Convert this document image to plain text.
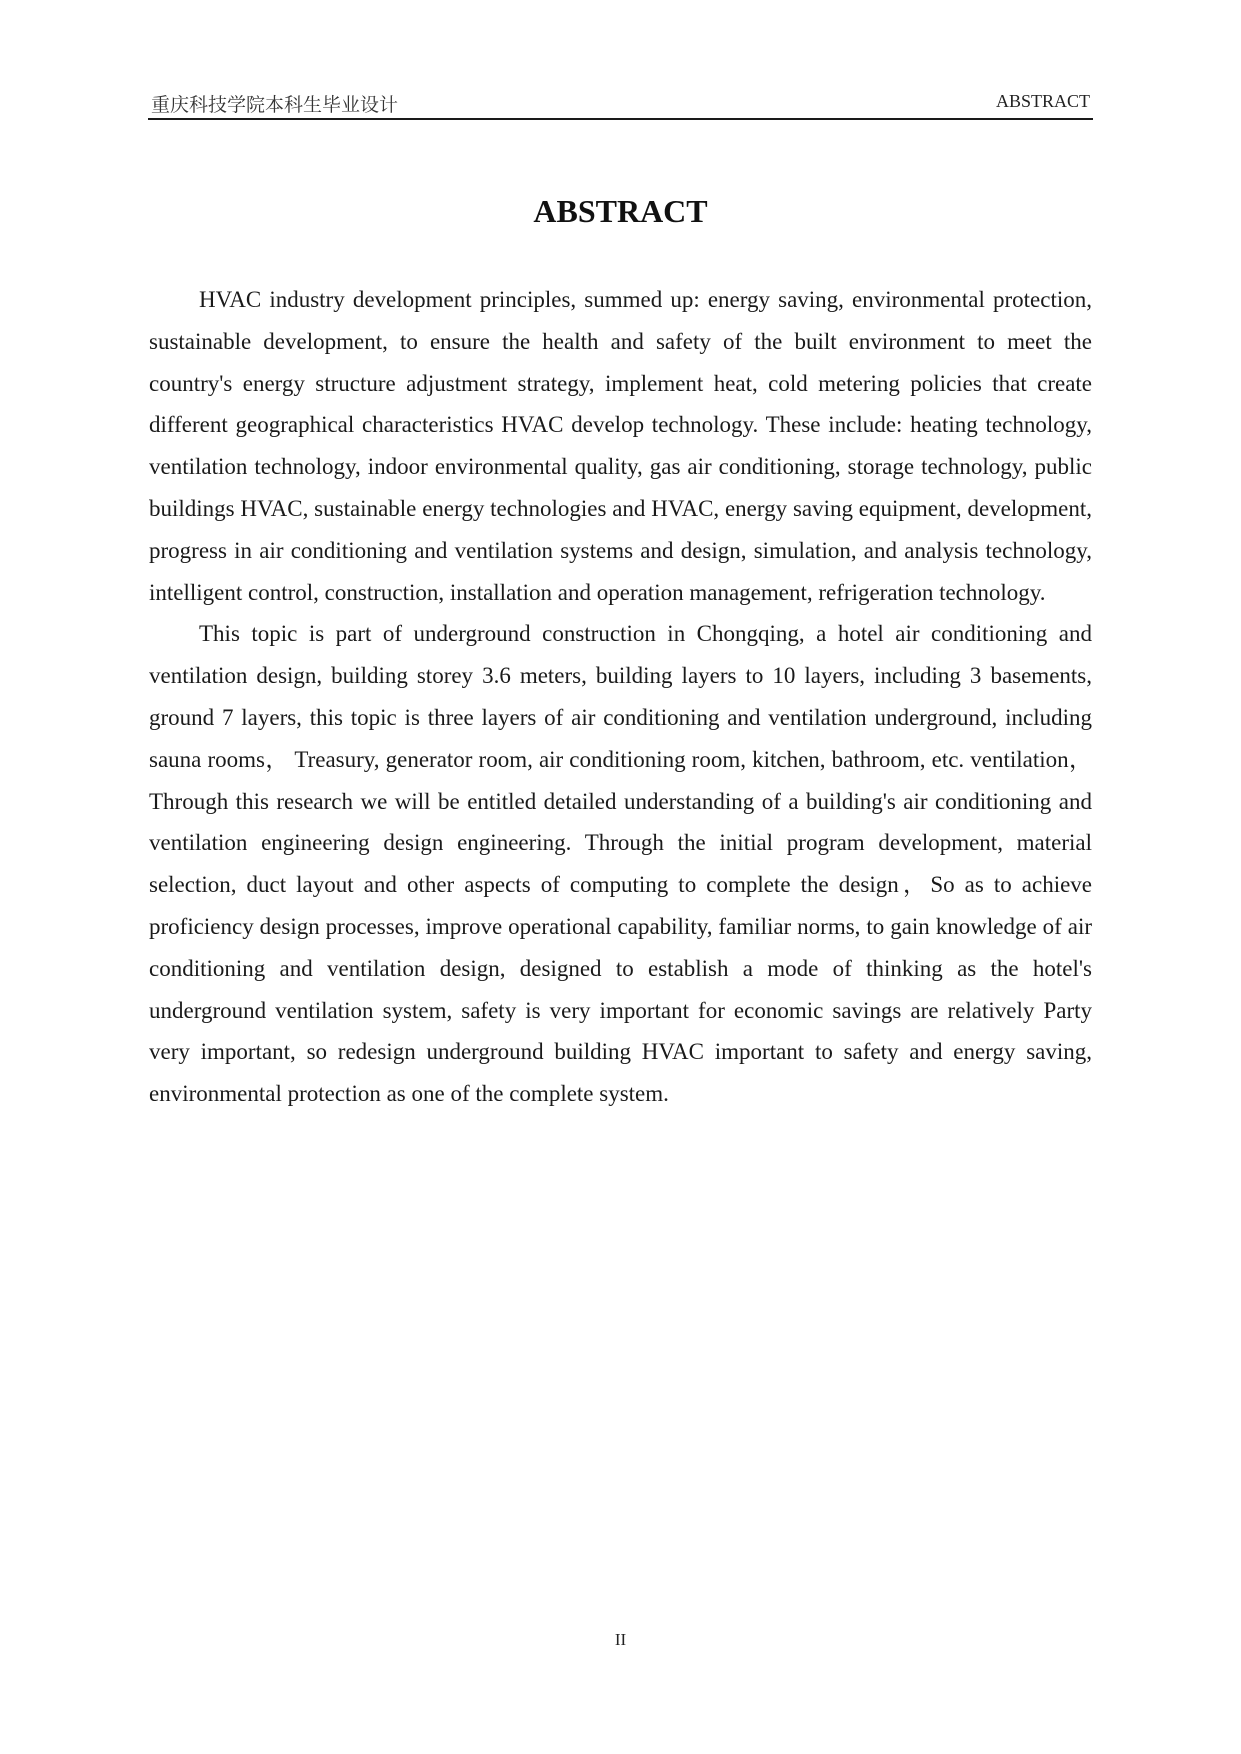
重庆科技学院本科生毕业设计	ABSTRACT
ABSTRACT

HVAC industry development principles, summed up: energy saving, environmental protection, sustainable development, to ensure the health and safety of the built environment to meet the country's energy structure adjustment strategy, implement heat, cold metering policies that create different geographical characteristics HVAC develop technology. These include: heating technology, ventilation technology, indoor environmental quality, gas air conditioning, storage technology, public buildings HVAC, sustainable energy technologies and HVAC, energy saving equipment, development, progress in air conditioning and ventilation systems and design, simulation, and analysis technology, intelligent control, construction, installation and operation management, refrigeration technology.

This topic is part of underground construction in Chongqing, a hotel air conditioning and ventilation design, building storey 3.6 meters, building layers to 10 layers, including 3 basements, ground 7 layers, this topic is three layers of air conditioning and ventilation underground, including sauna rooms， Treasury, generator room, air conditioning room, kitchen, bathroom, etc. ventilation， Through this research we will be entitled detailed understanding of a building's air conditioning and ventilation engineering design engineering. Through the initial program development, material selection, duct layout and other aspects of computing to complete the design，So as to achieve proficiency design processes, improve operational capability, familiar norms, to gain knowledge of air conditioning and ventilation design, designed to establish a mode of thinking as the hotel's underground ventilation system, safety is very important for economic savings are relatively Party very important, so redesign underground building HVAC important to safety and energy saving, environmental protection as one of the complete system.

II
